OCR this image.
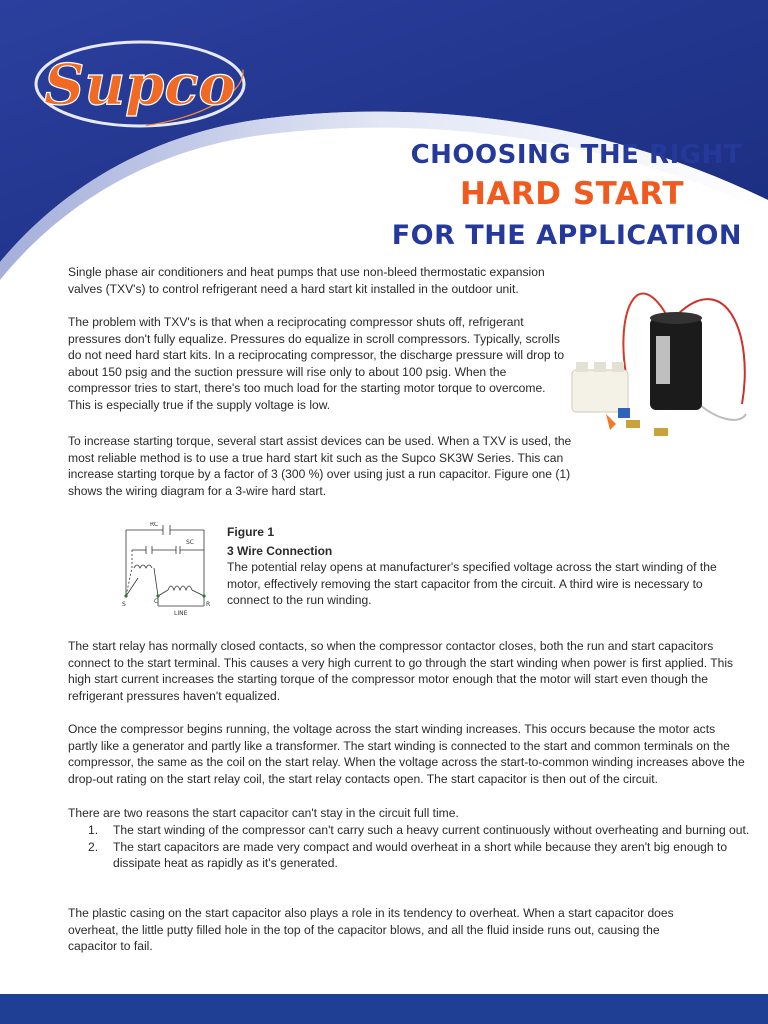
Supco
CHOOSING THE RIGHT
HARD START
FOR THE APPLICATION

Single phase air conditioners and heat pumps that use non-bleed thermostatic expansion valves (TXV's) to control refrigerant need a hard start kit installed in the outdoor unit.

The problem with TXV's is that when a reciprocating compressor shuts off, refrigerant pressures don't fully equalize. Pressures do equalize in scroll compressors. Typically, scrolls do not need hard start kits. In a reciprocating compressor, the discharge pressure will drop to about 150 psig and the suction pressure will rise only to about 100 psig. When the compressor tries to start, there's too much load for the starting motor torque to overcome. This is especially true if the supply voltage is low.

To increase starting torque, several start assist devices can be used. When a TXV is used, the most reliable method is to use a true hard start kit such as the Supco SK3W Series. This can increase starting torque by a factor of 3 (300 %) over using just a run capacitor. Figure one (1) shows the wiring diagram for a 3-wire hard start.

RC
SC
S	C	R
LINE
Figure 1
3 Wire Connection
The potential relay opens at manufacturer's specified voltage across the start winding of the motor, effectively removing the start capacitor from the circuit. A third wire is necessary to connect to the run winding.

The start relay has normally closed contacts, so when the compressor contactor closes, both the run and start capacitors connect to the start terminal. This causes a very high current to go through the start winding when power is first applied. This high start current increases the starting torque of the compressor motor enough that the motor will start even though the refrigerant pressures haven't equalized.

Once the compressor begins running, the voltage across the start winding increases. This occurs because the motor acts partly like a generator and partly like a transformer. The start winding is connected to the start and common terminals on the compressor, the same as the coil on the start relay. When the voltage across the start-to-common winding increases above the drop-out rating on the start relay coil, the start relay contacts open. The start capacitor is then out of the circuit.

There are two reasons the start capacitor can't stay in the circuit full time.

1. The start winding of the compressor can't carry such a heavy current continuously without overheating and burning out.
2. The start capacitors are made very compact and would overheat in a short while because they aren't big enough to dissipate heat as rapidly as it's generated.

The plastic casing on the start capacitor also plays a role in its tendency to overheat. When a start capacitor does overheat, the little putty filled hole in the top of the capacitor blows, and all the fluid inside runs out, causing the capacitor to fail.
